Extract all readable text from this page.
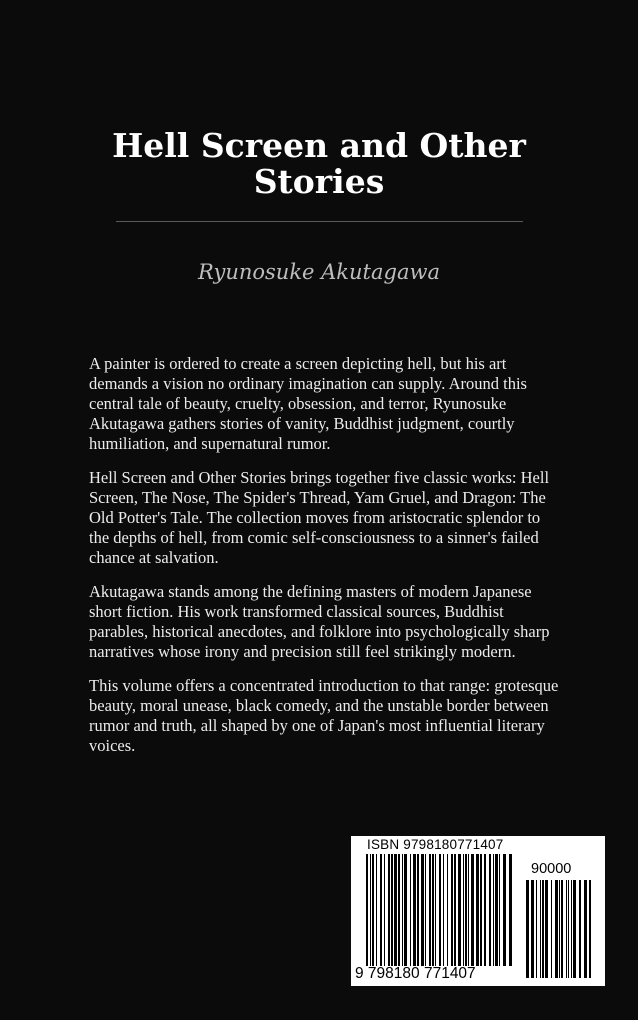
Hell Screen and Other Stories
Ryunosuke Akutagawa

A painter is ordered to create a screen depicting hell, but his art demands a vision no ordinary imagination can supply. Around this central tale of beauty, cruelty, obsession, and terror, Ryunosuke Akutagawa gathers stories of vanity, Buddhist judgment, courtly humiliation, and supernatural rumor.

Hell Screen and Other Stories brings together five classic works: Hell Screen, The Nose, The Spider's Thread, Yam Gruel, and Dragon: The Old Potter's Tale. The collection moves from aristocratic splendor to the depths of hell, from comic self-consciousness to a sinner's failed chance at salvation.

Akutagawa stands among the defining masters of modern Japanese short fiction. His work transformed classical sources, Buddhist parables, historical anecdotes, and folklore into psychologically sharp narratives whose irony and precision still feel strikingly modern.

This volume offers a concentrated introduction to that range: grotesque beauty, moral unease, black comedy, and the unstable border between rumor and truth, all shaped by one of Japan's most influential literary voices.

ISBN 9798180771407
90000
9 798180 771407
